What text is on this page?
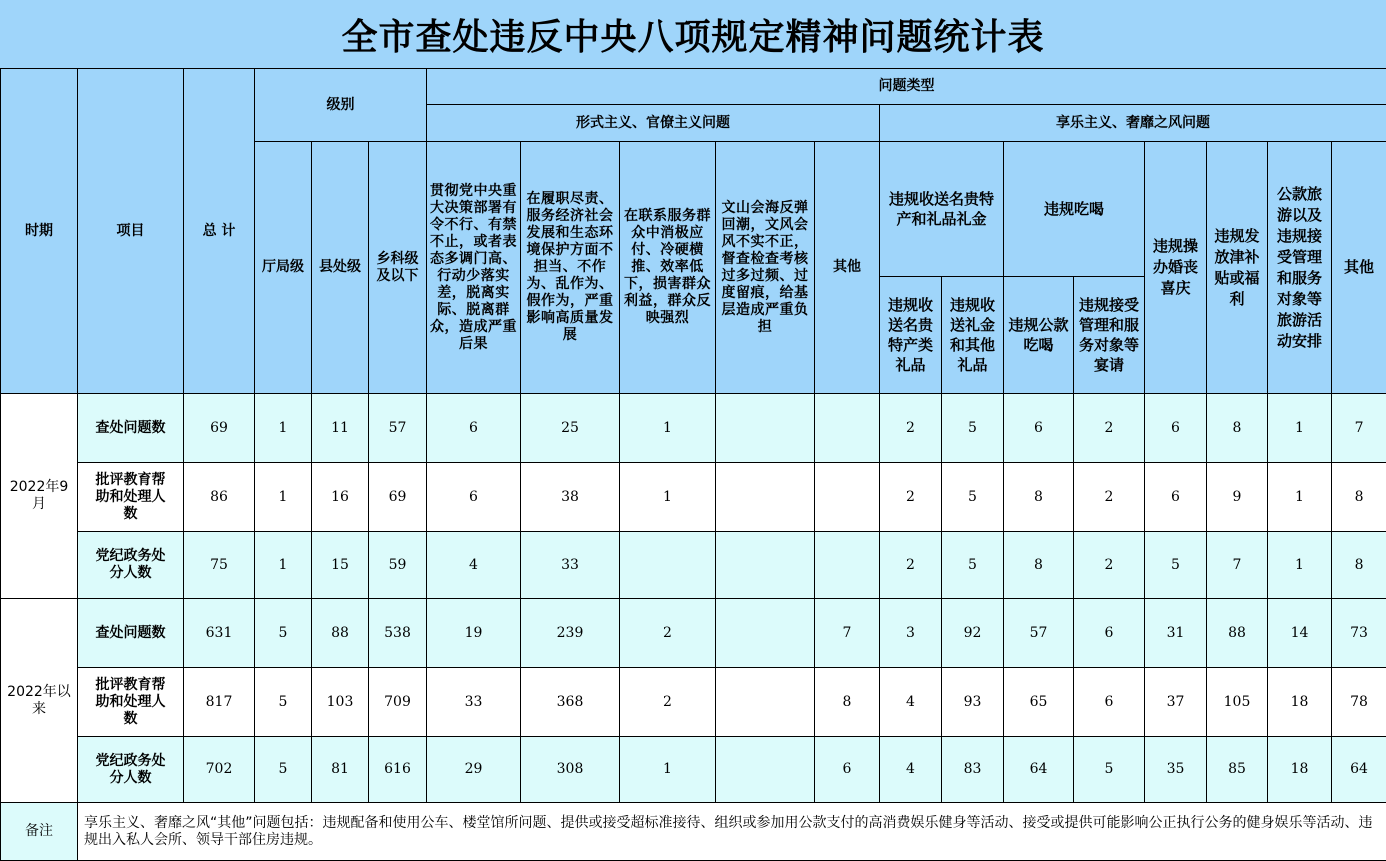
全市查处违反中央八项规定精神问题统计表
时期	项目	总 计	级别			问题类型												
						形式主义、官僚主义问题					享乐主义、奢靡之风问题							
			厅局级	县处级	乡科级及以下	贯彻党中央重大决策部署有令不行、有禁不止，或者表态多调门高、行动少落实差，脱离实际、脱离群众，造成严重后果	在履职尽责、服务经济社会发展和生态环境保护方面不担当、不作为、乱作为、假作为，严重影响高质量发展	在联系服务群众中消极应付、冷硬横推、效率低下，损害群众利益，群众反映强烈	文山会海反弹回潮，文风会风不实不正，督查检查考核过多过频、过度留痕，给基层造成严重负担	其他	违规收送名贵特产和礼品礼金		违规吃喝		违规操办婚丧喜庆	违规发放津补贴或福利	公款旅游以及违规接受管理和服务对象等旅游活动安排	其他
											违规收送名贵特产类礼品	违规收送礼金和其他礼品	违规公款吃喝	违规接受管理和服务对象等宴请				
2022年9月	查处问题数	69	1	11	57	6	25	1			2	5	6	2	6	8	1	7
	批评教育帮助和处理人数	86	1	16	69	6	38	1			2	5	8	2	6	9	1	8
	党纪政务处分人数	75	1	15	59	4	33				2	5	8	2	5	7	1	8
2022年以来	查处问题数	631	5	88	538	19	239	2		7	3	92	57	6	31	88	14	73
	批评教育帮助和处理人数	817	5	103	709	33	368	2		8	4	93	65	6	37	105	18	78
	党纪政务处分人数	702	5	81	616	29	308	1		6	4	83	64	5	35	85	18	64
备注	享乐主义、奢靡之风“其他”问题包括：违规配备和使用公车、楼堂馆所问题、提供或接受超标准接待、组织或参加用公款支付的高消费娱乐健身等活动、接受或提供可能影响公正执行公务的健身娱乐等活动、违规出入私人会所、领导干部住房违规。																	
